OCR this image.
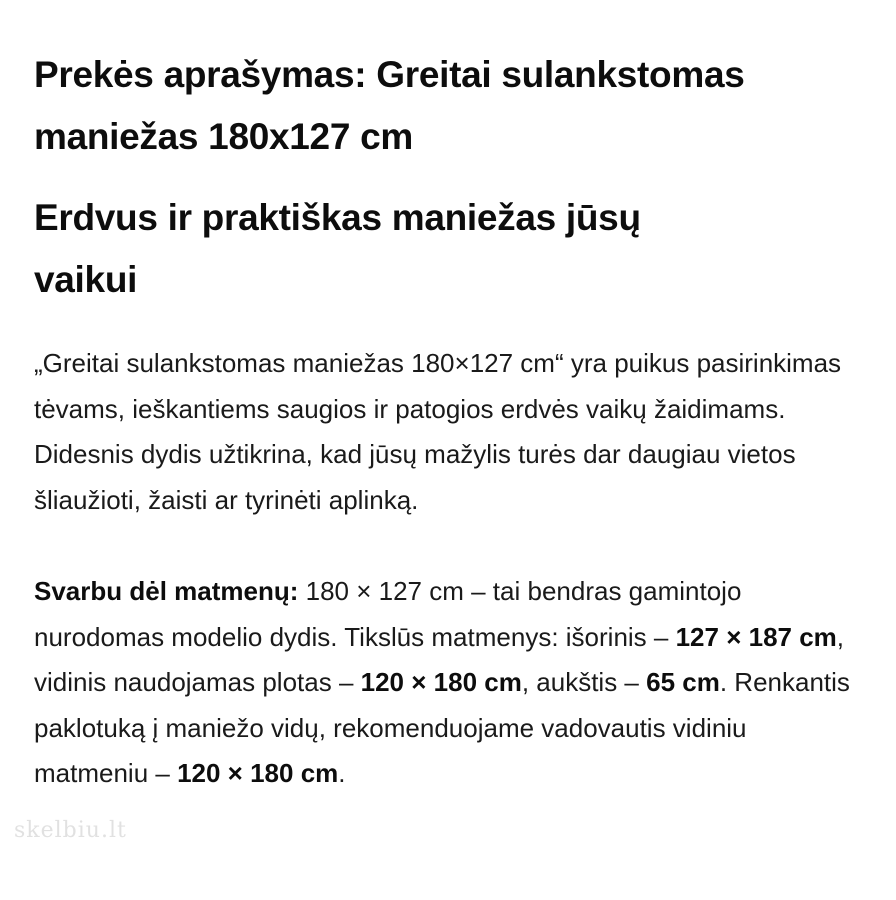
Prekės aprašymas: Greitai sulankstomas maniežas 180x127 cm
Erdvus ir praktiškas maniežas jūsų vaikui

„Greitai sulankstomas maniežas 180×127 cm“ yra puikus pasirinkimas tėvams, ieškantiems saugios ir patogios erdvės vaikų žaidimams. Didesnis dydis užtikrina, kad jūsų mažylis turės dar daugiau vietos šliaužioti, žaisti ar tyrinėti aplinką.

Svarbu dėl matmenų: 180 × 127 cm – tai bendras gamintojo nurodomas modelio dydis. Tikslūs matmenys: išorinis – 127 × 187 cm, vidinis naudojamas plotas – 120 × 180 cm, aukštis – 65 cm. Renkantis paklotuką į maniežo vidų, rekomenduojame vadovautis vidiniu matmeniu – 120 × 180 cm.

skelbiu.lt
